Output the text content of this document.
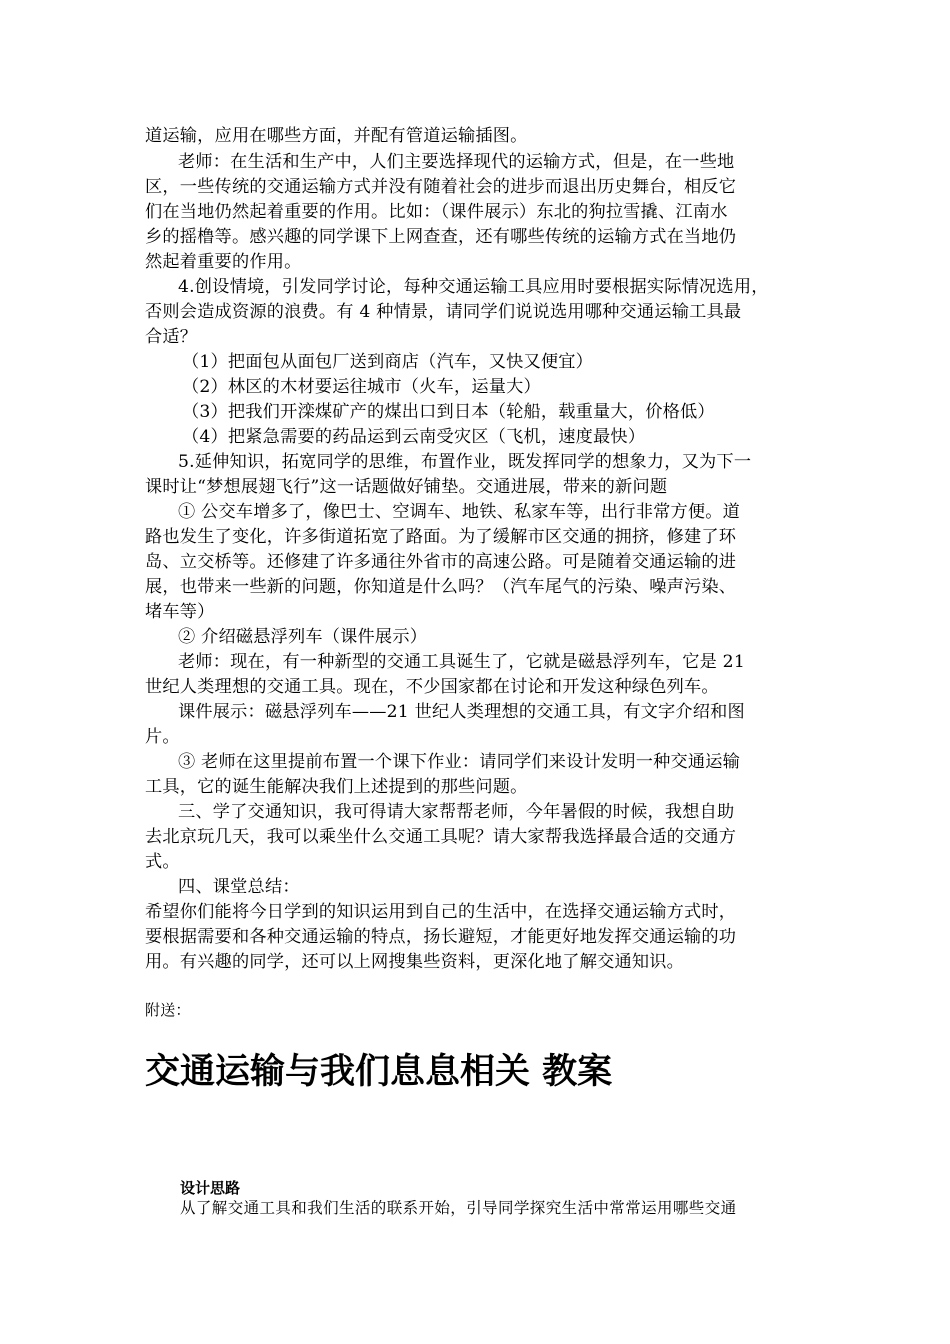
道运输，应用在哪些方面，并配有管道运输插图。
老师：在生活和生产中，人们主要选择现代的运输方式，但是，在一些地
区，一些传统的交通运输方式并没有随着社会的进步而退出历史舞台，相反它
们在当地仍然起着重要的作用。比如：（课件展示）东北的狗拉雪撬、江南水
乡的摇橹等。感兴趣的同学课下上网查查，还有哪些传统的运输方式在当地仍
然起着重要的作用。
4.创设情境，引发同学讨论，每种交通运输工具应用时要根据实际情况选用，
否则会造成资源的浪费。有 4 种情景，请同学们说说选用哪种交通运输工具最
合适？
（1）把面包从面包厂送到商店（汽车，又快又便宜）
（2）林区的木材要运往城市（火车，运量大）
（3）把我们开滦煤矿产的煤出口到日本（轮船，载重量大，价格低）
（4）把紧急需要的药品运到云南受灾区（飞机，速度最快）
5.延伸知识，拓宽同学的思维，布置作业，既发挥同学的想象力，又为下一
课时让“梦想展翅飞行”这一话题做好铺垫。交通进展，带来的新问题
① 公交车增多了，像巴士、空调车、地铁、私家车等，出行非常方便。道
路也发生了变化，许多街道拓宽了路面。为了缓解市区交通的拥挤，修建了环
岛、立交桥等。还修建了许多通往外省市的高速公路。可是随着交通运输的进
展，也带来一些新的问题，你知道是什么吗？（汽车尾气的污染、噪声污染、
堵车等）
② 介绍磁悬浮列车（课件展示）
老师：现在，有一种新型的交通工具诞生了，它就是磁悬浮列车，它是 21
世纪人类理想的交通工具。现在，不少国家都在讨论和开发这种绿色列车。
课件展示：磁悬浮列车——21 世纪人类理想的交通工具，有文字介绍和图
片。
③ 老师在这里提前布置一个课下作业：请同学们来设计发明一种交通运输
工具，它的诞生能解决我们上述提到的那些问题。
三、学了交通知识，我可得请大家帮帮老师，今年暑假的时候，我想自助
去北京玩几天，我可以乘坐什么交通工具呢？请大家帮我选择最合适的交通方
式。
四、课堂总结：
希望你们能将今日学到的知识运用到自己的生活中，在选择交通运输方式时，
要根据需要和各种交通运输的特点，扬长避短，才能更好地发挥交通运输的功
用。有兴趣的同学，还可以上网搜集些资料，更深化地了解交通知识。
附送：
交通运输与我们息息相关 教案
设计思路
从了解交通工具和我们生活的联系开始，引导同学探究生活中常常运用哪些交通
